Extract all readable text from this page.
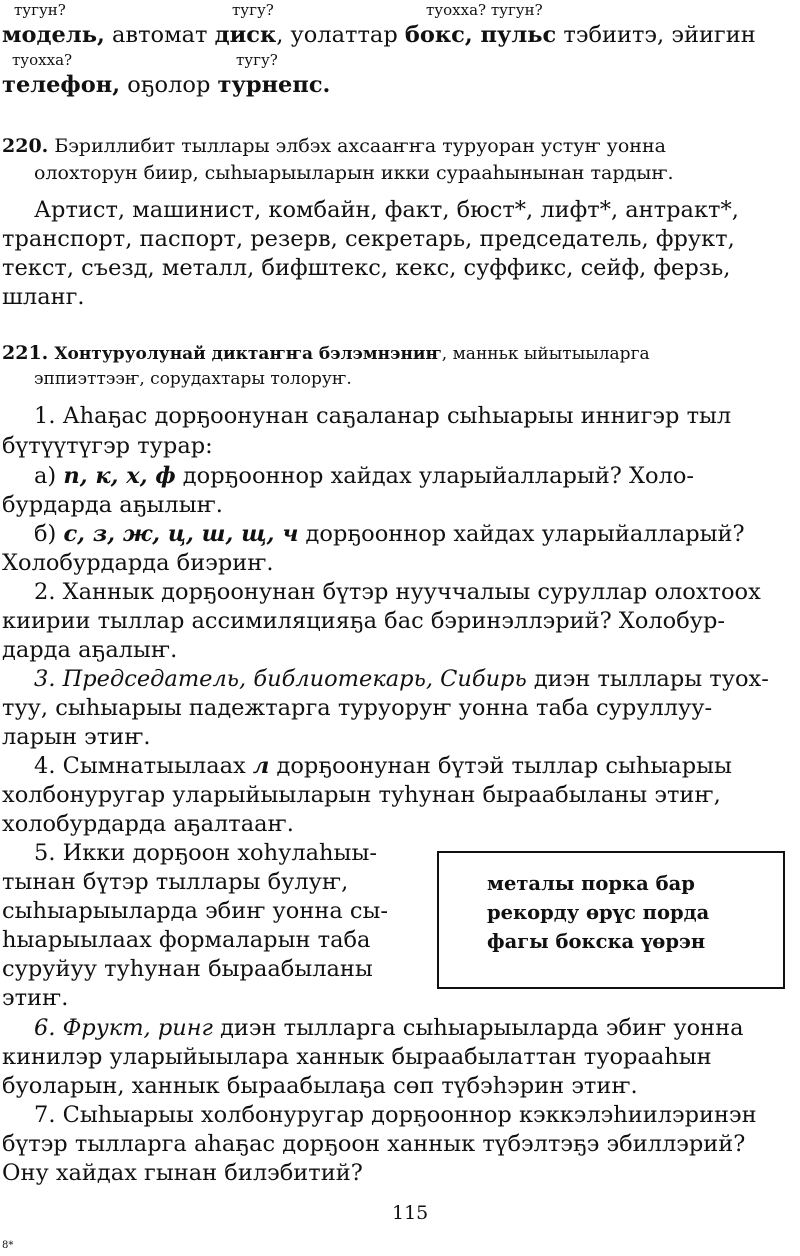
тугун?	тугу?	туохха? тугун?
модель, автомат диск, уолаттар бокс, пульс тэбиитэ, эйигин
туохха?	тугу?
телефон, оҕолор турнепс.
220. Бэриллибит тыллары элбэх ахсааҥҥа туруоран устуҥ уонна
олохторун биир, сыһыарыыларын икки сурааһынынан тардыҥ.
Артист, машинист, комбайн, факт, бюст*, лифт*, антракт*,
транспорт, паспорт, резерв, секретарь, председатель, фрукт,
текст, съезд, металл, бифштекс, кекс, суффикс, сейф, ферзь,
шланг.
221. Хонтуруолунай диктаҥҥа бэлэмнэниҥ, манньк ыйытыыларга
эппиэттээҥ, сорудахтары толоруҥ.
1. Аһаҕас дорҕоонунан саҕаланар сыһыарыы иннигэр тыл
бүтүүтүгэр турар:
а) п, к, х, ф дорҕооннор хайдах уларыйалларый? Холо-
бурдарда аҕылыҥ.
б) с, з, ж, ц, ш, щ, ч дорҕооннор хайдах уларыйалларый?
Холобурдарда биэриҥ.
2. Ханнык дорҕоонунан бүтэр нууччалыы суруллар олохтоох
киирии тыллар ассимиляцияҕа бас бэринэллэрий? Холобур-
дарда аҕалыҥ.
3. Председатель, библиотекарь, Сибирь диэн тыллары туох-
туу, сыһыарыы падежтарга туруоруҥ уонна таба суруллуу-
ларын этиҥ.
4. Сымнатыылаах л дорҕоонунан бүтэй тыллар сыһыарыы
холбонуругар уларыйыыларын туһунан быраабыланы этиҥ,
холобурдарда аҕалтааҥ.
5. Икки дорҕоон хоһулаһыы-
тынан бүтэр тыллары булуҥ,
сыһыарыыларда эбиҥ уонна сы-
һыарыылаах формаларын таба
суруйуу туһунан быраабыланы
этиҥ.
металы порка бар
рекорду өрүс порда
фагы бокска үөрэн
6. Фрукт, ринг диэн тылларга сыһыарыыларда эбиҥ уонна
кинилэр уларыйыылара ханнык быраабылаттан туораaһын
буоларын, ханнык быраабылаҕа сөп түбэһэрин этиҥ.
7. Сыһыарыы холбонуругар дорҕооннор кэккэлэһиилэринэн
бүтэр тылларга аһаҕас дорҕоон ханнык түбэлтэҕэ эбиллэрий?
Ону хайдах гынан билэбитий?
115
8*
